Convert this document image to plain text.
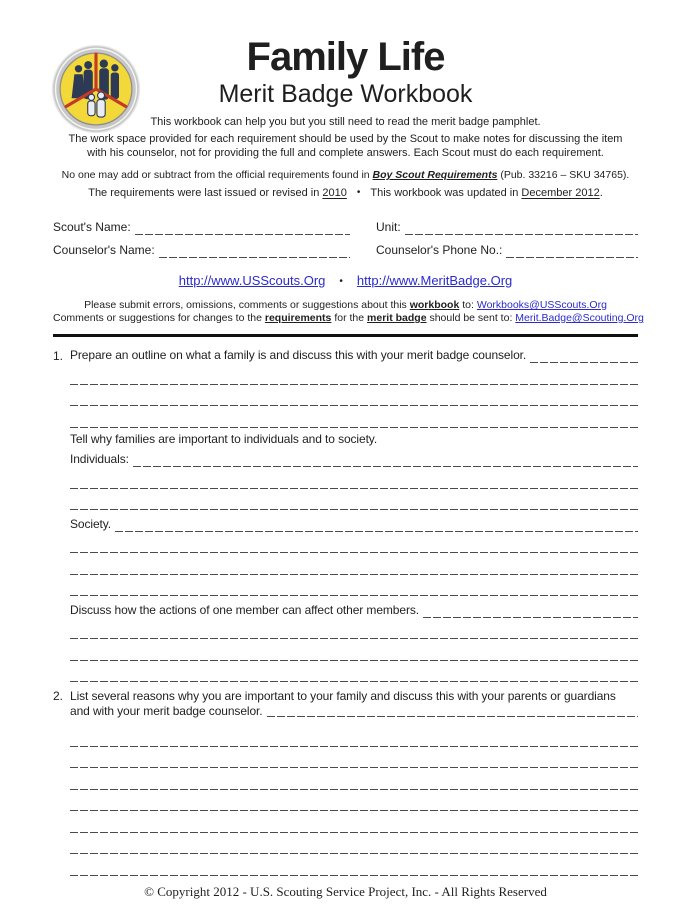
Family Life
Merit Badge Workbook

This workbook can help you but you still need to read the merit badge pamphlet.

The work space provided for each requirement should be used by the Scout to make notes for discussing the item with his counselor, not for providing the full and complete answers. Each Scout must do each requirement.

No one may add or subtract from the official requirements found in Boy Scout Requirements (Pub. 33216 – SKU 34765).

The requirements were last issued or revised in 2010 • This workbook was updated in December 2012.

Scout's Name:	Unit:
Counselor's Name:	Counselor's Phone No.:

http://www.USScouts.Org • http://www.MeritBadge.Org

Please submit errors, omissions, comments or suggestions about this workbook to: Workbooks@USScouts.Org

Comments or suggestions for changes to the requirements for the merit badge should be sent to: Merit.Badge@Scouting.Org

1. Prepare an outline on what a family is and discuss this with your merit badge counselor.

Tell why families are important to individuals and to society.

Individuals:
Society.
Discuss how the actions of one member can affect other members.
2. List several reasons why you are important to your family and discuss this with your parents or guardians and with your merit badge counselor.

© Copyright 2012 - U.S. Scouting Service Project, Inc. - All Rights Reserved
